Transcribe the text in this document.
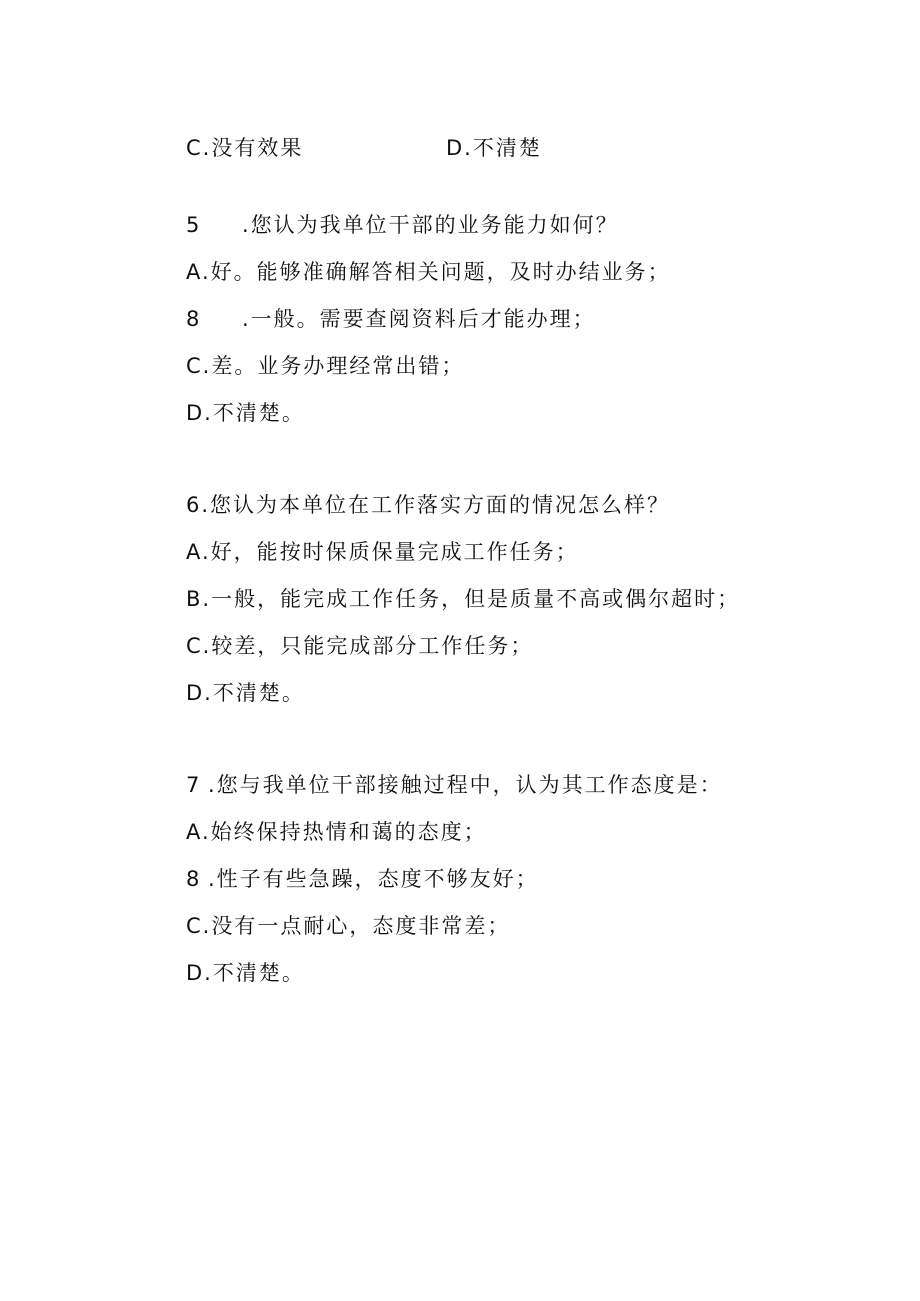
C.没有效果	D.不清楚
5 .您认为我单位干部的业务能力如何？
A.好。能够准确解答相关问题，及时办结业务；
8 .一般。需要查阅资料后才能办理；
C.差。业务办理经常出错；
D.不清楚。
6.您认为本单位在工作落实方面的情况怎么样？
A.好，能按时保质保量完成工作任务；
B.一般，能完成工作任务，但是质量不高或偶尔超时；
C.较差，只能完成部分工作任务；
D.不清楚。
7 .您与我单位干部接触过程中，认为其工作态度是：
A.始终保持热情和蔼的态度；
8 .性子有些急躁，态度不够友好；
C.没有一点耐心，态度非常差；
D.不清楚。
